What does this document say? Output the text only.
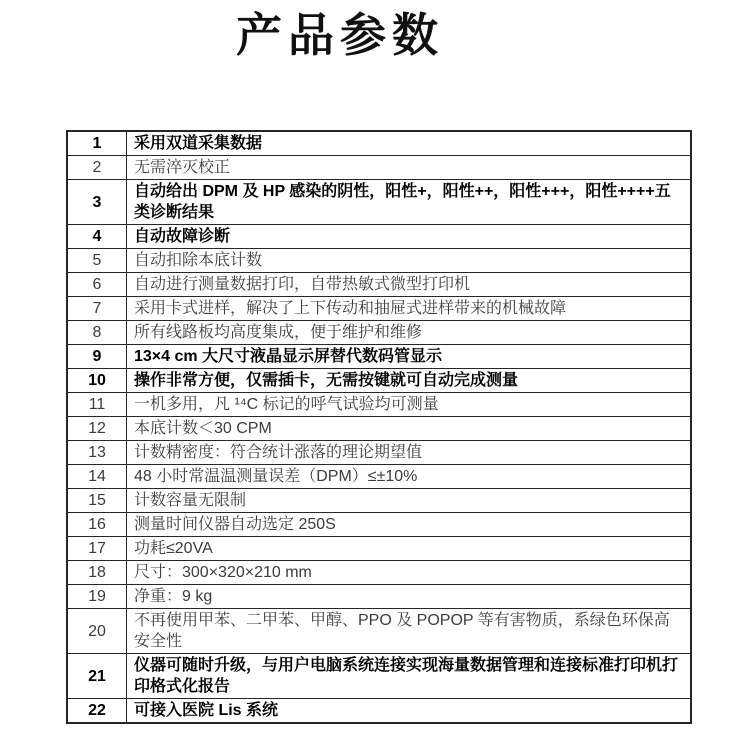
产品参数
1	采用双道采集数据
2	无需淬灭校正
3	自动给出 DPM 及 HP 感染的阴性，阳性+，阳性++，阳性+++，阳性++++五类诊断结果
4	自动故障诊断
5	自动扣除本底计数
6	自动进行测量数据打印，自带热敏式微型打印机
7	采用卡式进样，解决了上下传动和抽屉式进样带来的机械故障
8	所有线路板均高度集成，便于维护和维修
9	13×4 cm 大尺寸液晶显示屏替代数码管显示
10	操作非常方便，仅需插卡，无需按键就可自动完成测量
11	一机多用，凡 ¹⁴C 标记的呼气试验均可测量
12	本底计数＜30 CPM
13	计数精密度：符合统计涨落的理论期望值
14	48 小时常温温测量误差（DPM）≤±10%
15	计数容量无限制
16	测量时间仪器自动选定 250S
17	功耗≤20VA
18	尺寸：300×320×210 mm
19	净重：9 kg
20	不再使用甲苯、二甲苯、甲醇、PPO 及 POPOP 等有害物质，系绿色环保高安全性
21	仪器可随时升级，与用户电脑系统连接实现海量数据管理和连接标准打印机打印格式化报告
22	可接入医院 Lis 系统
